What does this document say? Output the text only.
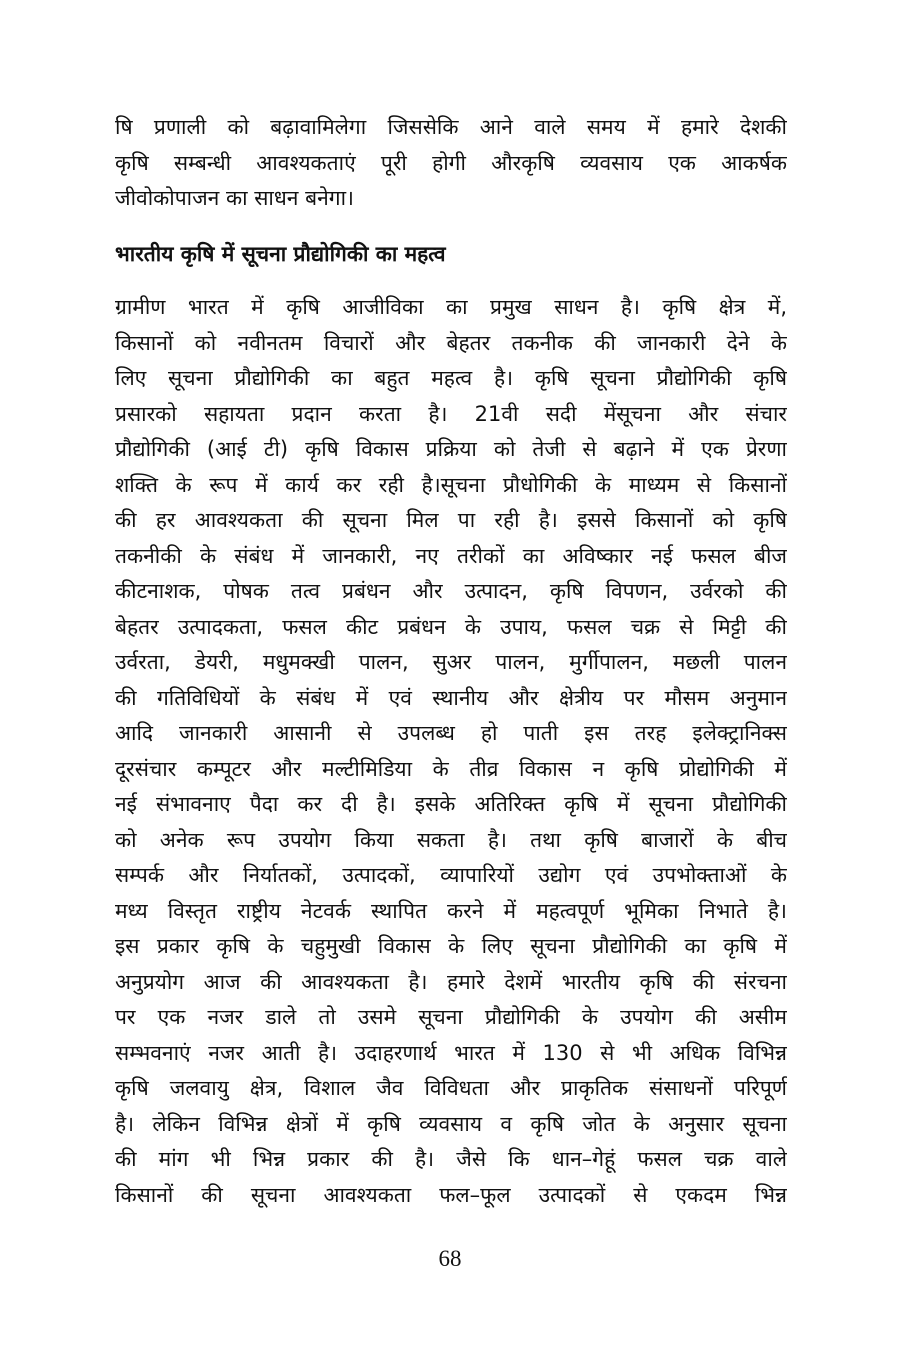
षि प्रणाली को बढ़ावामिलेगा जिससेकि आने वाले समय में हमारे देशकी
कृषि सम्बन्धी आवश्यकताएं पूरी होगी औरकृषि व्यवसाय एक आकर्षक
जीवोकोपाजन का साधन बनेगा।
भारतीय कृषि में सूचना प्रौद्योगिकी का महत्व
ग्रामीण भारत में कृषि आजीविका का प्रमुख साधन है। कृषि क्षेत्र में,
किसानों को नवीनतम विचारों और बेहतर तकनीक की जानकारी देने के
लिए सूचना प्रौद्योगिकी का बहुत महत्व है। कृषि सूचना प्रौद्योगिकी कृषि
प्रसारको सहायता प्रदान करता है। 21वी सदी मेंसूचना और संचार
प्रौद्योगिकी (आई टी) कृषि विकास प्रक्रिया को तेजी से बढ़ाने में एक प्रेरणा
शक्ति के रूप में कार्य कर रही है।सूचना प्रौधोगिकी के माध्यम से किसानों
की हर आवश्यकता की सूचना मिल पा रही है। इससे किसानों को कृषि
तकनीकी के संबंध में जानकारी, नए तरीकों का अविष्कार नई फसल बीज
कीटनाशक, पोषक तत्व प्रबंधन और उत्पादन, कृषि विपणन, उर्वरको की
बेहतर उत्पादकता, फसल कीट प्रबंधन के उपाय, फसल चक्र से मिट्टी की
उर्वरता, डेयरी, मधुमक्खी पालन, सुअर पालन, मुर्गीपालन, मछली पालन
की गतिविधियों के संबंध में एवं स्थानीय और क्षेत्रीय पर मौसम अनुमान
आदि जानकारी आसानी से उपलब्ध हो पाती इस तरह इलेक्ट्रानिक्स
दूरसंचार कम्पूटर और मल्टीमिडिया के तीव्र विकास न कृषि प्रोद्योगिकी में
नई संभावनाए पैदा कर दी है। इसके अतिरिक्त कृषि में सूचना प्रौद्योगिकी
को अनेक रूप उपयोग किया सकता है। तथा कृषि बाजारों के बीच
सम्पर्क और निर्यातकों, उत्पादकों, व्यापारियों उद्योग एवं उपभोक्ताओं के
मध्य विस्तृत राष्ट्रीय नेटवर्क स्थापित करने में महत्वपूर्ण भूमिका निभाते है।
इस प्रकार कृषि के चहुमुखी विकास के लिए सूचना प्रौद्योगिकी का कृषि में
अनुप्रयोग आज की आवश्यकता है। हमारे देशमें भारतीय कृषि की संरचना
पर एक नजर डाले तो उसमे सूचना प्रौद्योगिकी के उपयोग की असीम
सम्भवनाएं नजर आती है। उदाहरणार्थ भारत में 130 से भी अधिक विभिन्न
कृषि जलवायु क्षेत्र, विशाल जैव विविधता और प्राकृतिक संसाधनों परिपूर्ण
है। लेकिन विभिन्न क्षेत्रों में कृषि व्यवसाय व कृषि जोत के अनुसार सूचना
की मांग भी भिन्न प्रकार की है। जैसे कि धान–गेहूं फसल चक्र वाले
किसानों की सूचना आवश्यकता फल–फूल उत्पादकों से एकदम भिन्न
68
